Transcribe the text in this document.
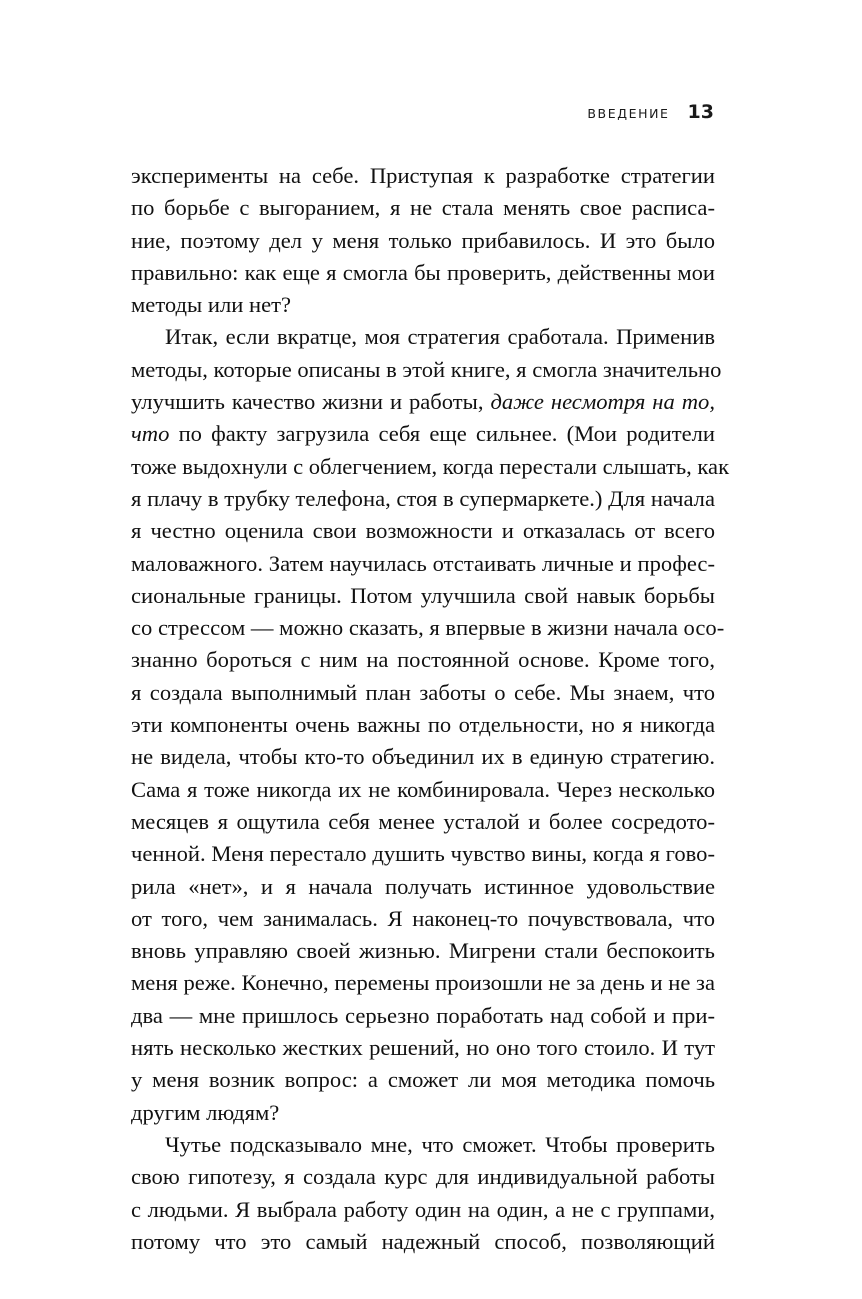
ВВЕДЕНИЕ 13
эксперименты на себе. Приступая к разработке стратегии
по борьбе с выгоранием, я не стала менять свое расписа-
ние, поэтому дел у меня только прибавилось. И это было
правильно: как еще я смогла бы проверить, действенны мои
методы или нет?
Итак, если вкратце, моя стратегия сработала. Применив
методы, которые описаны в этой книге, я смогла значительно
улучшить качество жизни и работы, даже несмотря на то,
что по факту загрузила себя еще сильнее. (Мои родители
тоже выдохнули с облегчением, когда перестали слышать, как
я плачу в трубку телефона, стоя в супермаркете.) Для начала
я честно оценила свои возможности и отказалась от всего
маловажного. Затем научилась отстаивать личные и профес-
сиональные границы. Потом улучшила свой навык борьбы
со стрессом — можно сказать, я впервые в жизни начала осо-
знанно бороться с ним на постоянной основе. Кроме того,
я создала выполнимый план заботы о себе. Мы знаем, что
эти компоненты очень важны по отдельности, но я никогда
не видела, чтобы кто-то объединил их в единую стратегию.
Сама я тоже никогда их не комбинировала. Через несколько
месяцев я ощутила себя менее усталой и более сосредото-
ченной. Меня перестало душить чувство вины, когда я гово-
рила «нет», и я начала получать истинное удовольствие
от того, чем занималась. Я наконец-то почувствовала, что
вновь управляю своей жизнью. Мигрени стали беспокоить
меня реже. Конечно, перемены произошли не за день и не за
два — мне пришлось серьезно поработать над собой и при-
нять несколько жестких решений, но оно того стоило. И тут
у меня возник вопрос: а сможет ли моя методика помочь
другим людям?
Чутье подсказывало мне, что сможет. Чтобы проверить
свою гипотезу, я создала курс для индивидуальной работы
с людьми. Я выбрала работу один на один, а не с группами,
потому что это самый надежный способ, позволяющий
